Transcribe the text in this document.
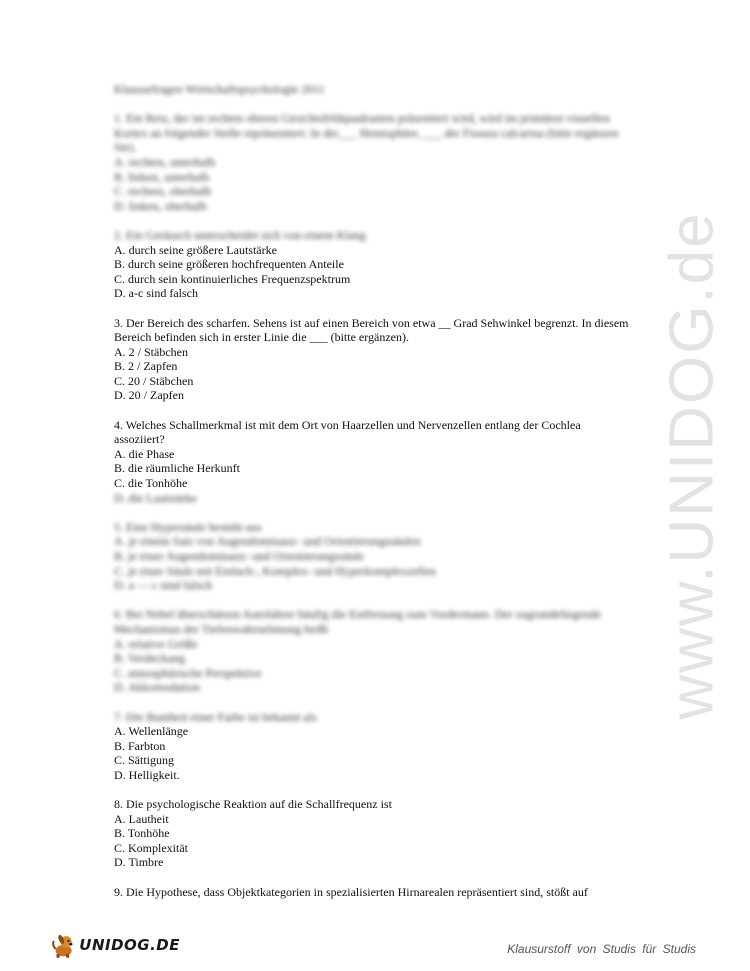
www.UNIDOG.de

Klausurfragen Wirtschaftspsychologie 2011

1. Ein Reiz, der im rechten oberen Gesichtsfeldquadranten präsentiert wird, wird im primären visuellen Kortex an folgender Stelle repräsentiert: In der___ Hemisphäre, ___ der Fissura calcarina (bitte ergänzen Sie).

A. rechten, unterhalb

B. linken, unterhalb

C. rechten, oberhalb

D. linken, oberhalb

2. Ein Geräusch unterscheidet sich von einem Klang

A. durch seine größere Lautstärke

B. durch seine größeren hochfrequenten Anteile

C. durch sein kontinuierliches Frequenzspektrum

D. a-c sind falsch

3. Der Bereich des scharfen. Sehens ist auf einen Bereich von etwa __ Grad Sehwinkel begrenzt. In diesem Bereich befinden sich in erster Linie die ___ (bitte ergänzen).

A. 2 / Stäbchen

B. 2 / Zapfen

C. 20 / Stäbchen

D. 20 / Zapfen

4. Welches Schallmerkmal ist mit dem Ort von Haarzellen und Nervenzellen entlang der Cochlea assoziiert?

A. die Phase

B. die räumliche Herkunft

C. die Tonhöhe

D. die Lautstärke

5. Eine Hypersäule besteht aus

A. je einem Satz von Augendominanz- und Orientierungssäulen

B. je einer Augendominanz- und Orientierungssäule

C. je einer Säule mit Einfach-, Komplex- und Hyperkomplexzellen

D. a — c sind falsch

6. Bei Nebel überschätzen Autofahrer häufig die Entfernung zum Vordermann. Der zugrundeliegende Mechanismus der Tiefenwahrnehmung heißt

A. relative Größe

B. Verdeckung

C. atmosphärische Perspektive

D. Akkomodation

7. Die Buntheit einer Farbe ist bekannt als

A. Wellenlänge

B. Farbton

C. Sättigung

D. Helligkeit.

8. Die psychologische Reaktion auf die Schallfrequenz ist

A. Lautheit

B. Tonhöhe

C. Komplexität

D. Timbre

9. Die Hypothese, dass Objektkategorien in spezialisierten Hirnarealen repräsentiert sind, stößt auf

UNIDOG.DE	Klausurstoff von Studis für Studis
